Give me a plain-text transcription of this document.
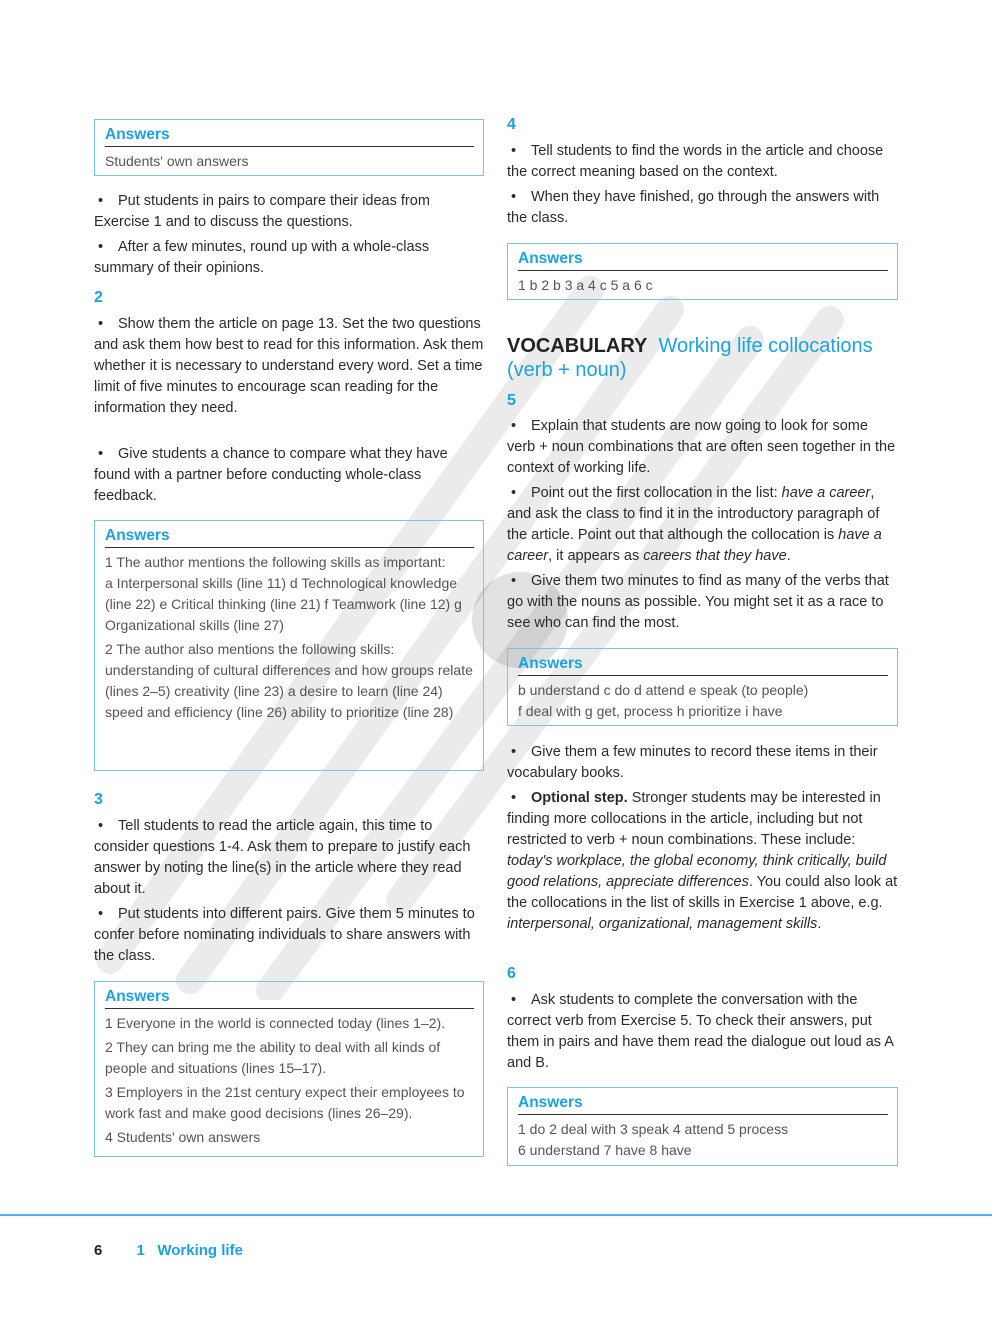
Answers
Students' own answers
• Put students in pairs to compare their ideas from Exercise 1 and to discuss the questions.
• After a few minutes, round up with a whole-class summary of their opinions.
2
• Show them the article on page 13. Set the two questions and ask them how best to read for this information. Ask them whether it is necessary to understand every word. Set a time limit of five minutes to encourage scan reading for the information they need.
• Give students a chance to compare what they have found with a partner before conducting whole-class feedback.
Answers

1 The author mentions the following skills as important:
a Interpersonal skills (line 11) d Technological knowledge (line 22) e Critical thinking (line 21) f Teamwork (line 12) g Organizational skills (line 27)

2 The author also mentions the following skills: understanding of cultural differences and how groups relate (lines 2–5) creativity (line 23) a desire to learn (line 24) speed and efficiency (line 26) ability to prioritize (line 28)

3
• Tell students to read the article again, this time to consider questions 1-4. Ask them to prepare to justify each answer by noting the line(s) in the article where they read about it.
• Put students into different pairs. Give them 5 minutes to confer before nominating individuals to share answers with the class.
Answers

1 Everyone in the world is connected today (lines 1–2).

2 They can bring me the ability to deal with all kinds of people and situations (lines 15–17).

3 Employers in the 21st century expect their employees to work fast and make good decisions (lines 26–29).

4 Students' own answers

4
• Tell students to find the words in the article and choose the correct meaning based on the context.
• When they have finished, go through the answers with the class.
Answers
1 b 2 b 3 a 4 c 5 a 6 c
VOCABULARY Working life collocations (verb + noun)
5
• Explain that students are now going to look for some verb + noun combinations that are often seen together in the context of working life.
• Point out the first collocation in the list: have a career, and ask the class to find it in the introductory paragraph of the article. Point out that although the collocation is have a career, it appears as careers that they have.
• Give them two minutes to find as many of the verbs that go with the nouns as possible. You might set it as a race to see who can find the most.
Answers
b understand c do d attend e speak (to people)
f deal with g get, process h prioritize i have
• Give them a few minutes to record these items in their vocabulary books.
• Optional step. Stronger students may be interested in finding more collocations in the article, including but not restricted to verb + noun combinations. These include: today's workplace, the global economy, think critically, build good relations, appreciate differences. You could also look at the collocations in the list of skills in Exercise 1 above, e.g. interpersonal, organizational, management skills.
6
• Ask students to complete the conversation with the correct verb from Exercise 5. To check their answers, put them in pairs and have them read the dialogue out loud as A and B.
Answers
1 do 2 deal with 3 speak 4 attend 5 process
6 understand 7 have 8 have
6 1   Working life
